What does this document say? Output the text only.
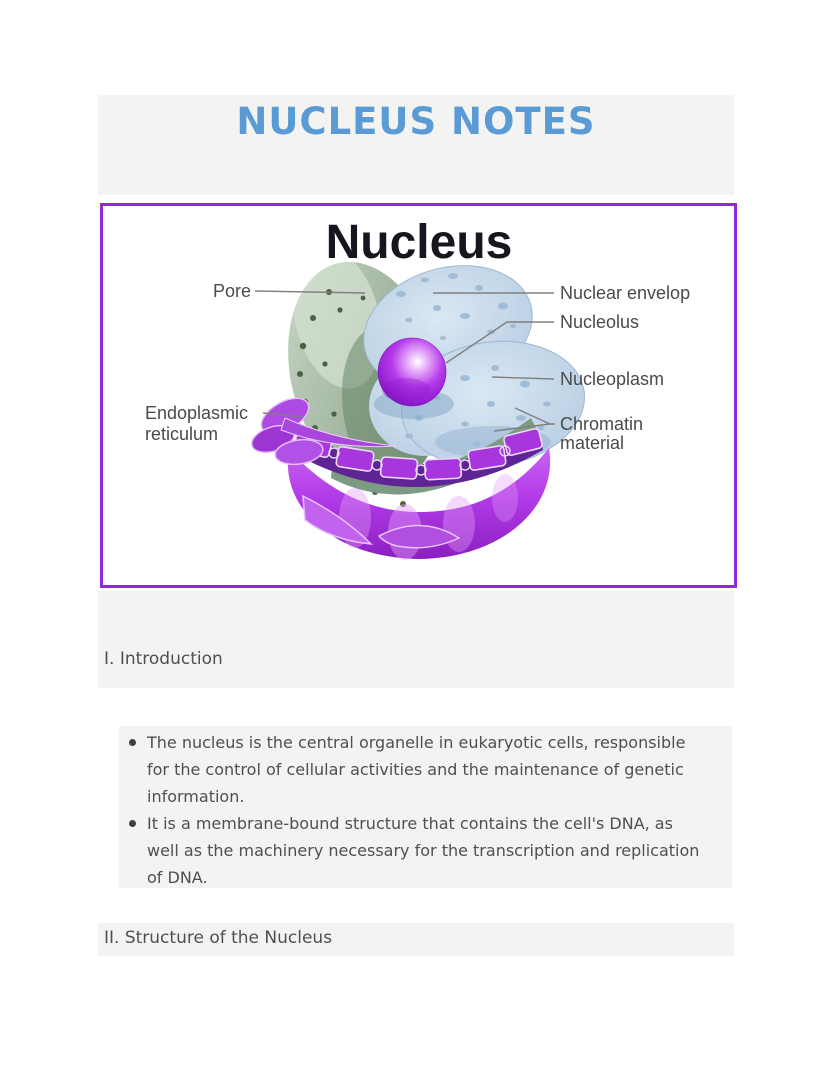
NUCLEUS NOTES
Nucleus
Pore	Nuclear envelop
Nucleolus
Nucleoplasm
Chromatin
material
Endoplasmic
reticulum
I. Introduction
The nucleus is the central organelle in eukaryotic cells, responsible for the control of cellular activities and the maintenance of genetic information.
It is a membrane-bound structure that contains the cell's DNA, as well as the machinery necessary for the transcription and replication of DNA.
II. Structure of the Nucleus
